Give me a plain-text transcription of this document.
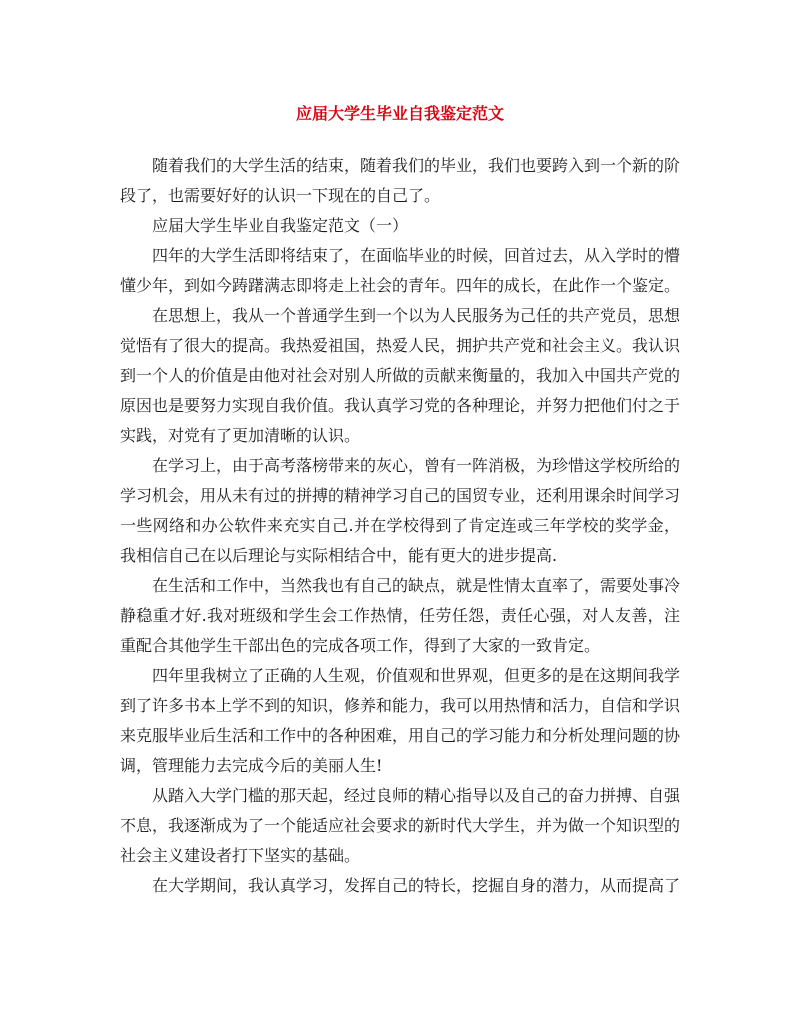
应届大学生毕业自我鉴定范文

随着我们的大学生活的结束，随着我们的毕业，我们也要跨入到一个新的阶段了，也需要好好的认识一下现在的自己了。

应届大学生毕业自我鉴定范文（一）

四年的大学生活即将结束了，在面临毕业的时候，回首过去，从入学时的懵懂少年，到如今踌躇满志即将走上社会的青年。四年的成长，在此作一个鉴定。

在思想上，我从一个普通学生到一个以为人民服务为己任的共产党员，思想觉悟有了很大的提高。我热爱祖国，热爱人民，拥护共产党和社会主义。我认识到一个人的价值是由他对社会对别人所做的贡献来衡量的，我加入中国共产党的原因也是要努力实现自我价值。我认真学习党的各种理论，并努力把他们付之于实践，对党有了更加清晰的认识。

在学习上，由于高考落榜带来的灰心，曾有一阵消极，为珍惜这学校所给的学习机会，用从未有过的拼搏的精神学习自己的国贸专业，还利用课余时间学习一些网络和办公软件来充实自己.并在学校得到了肯定连或三年学校的奖学金，我相信自己在以后理论与实际相结合中，能有更大的进步提高.

在生活和工作中，当然我也有自己的缺点，就是性情太直率了，需要处事冷静稳重才好.我对班级和学生会工作热情，任劳任怨，责任心强，对人友善，注重配合其他学生干部出色的完成各项工作，得到了大家的一致肯定。

四年里我树立了正确的人生观，价值观和世界观，但更多的是在这期间我学到了许多书本上学不到的知识，修养和能力，我可以用热情和活力，自信和学识来克服毕业后生活和工作中的各种困难，用自己的学习能力和分析处理问题的协调，管理能力去完成今后的美丽人生!

从踏入大学门槛的那天起，经过良师的精心指导以及自己的奋力拼搏、自强不息，我逐渐成为了一个能适应社会要求的新时代大学生，并为做一个知识型的社会主义建设者打下坚实的基础。

在大学期间，我认真学习，发挥自己的特长，挖掘自身的潜力，从而提高了
